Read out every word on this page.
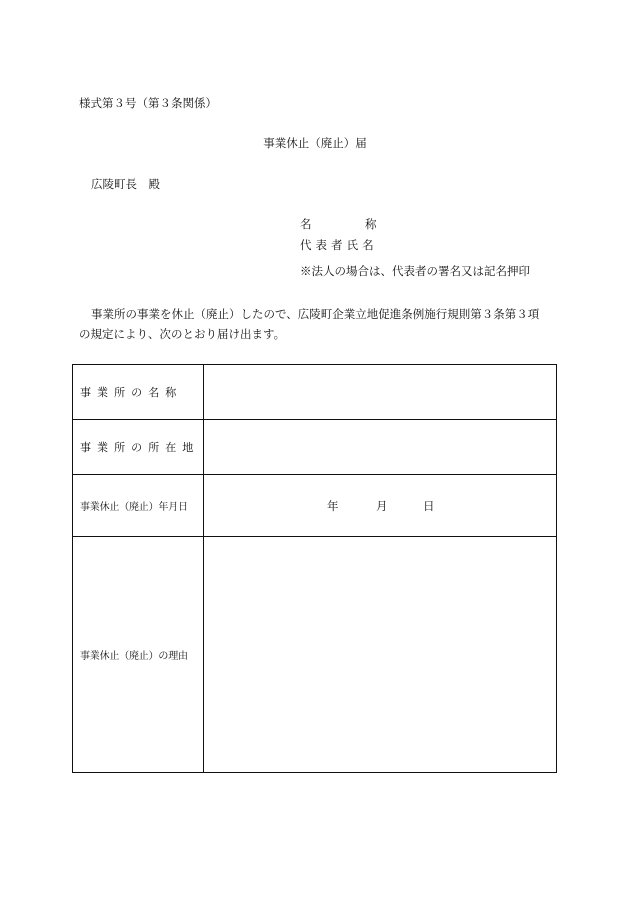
様式第３号（第３条関係）
事業休止（廃止）届
広陵町長　殿
名	称
代表者氏名
※法人の場合は、代表者の署名又は記名押印
事業所の事業を休止（廃止）したので、広陵町企業立地促進条例施行規則第３条第３項
の規定により、次のとおり届け出ます。
事業所の名称	
事業所の所在地	
事業休止（廃止）年月日	年 月 日

事業休止（廃止）の理由	
